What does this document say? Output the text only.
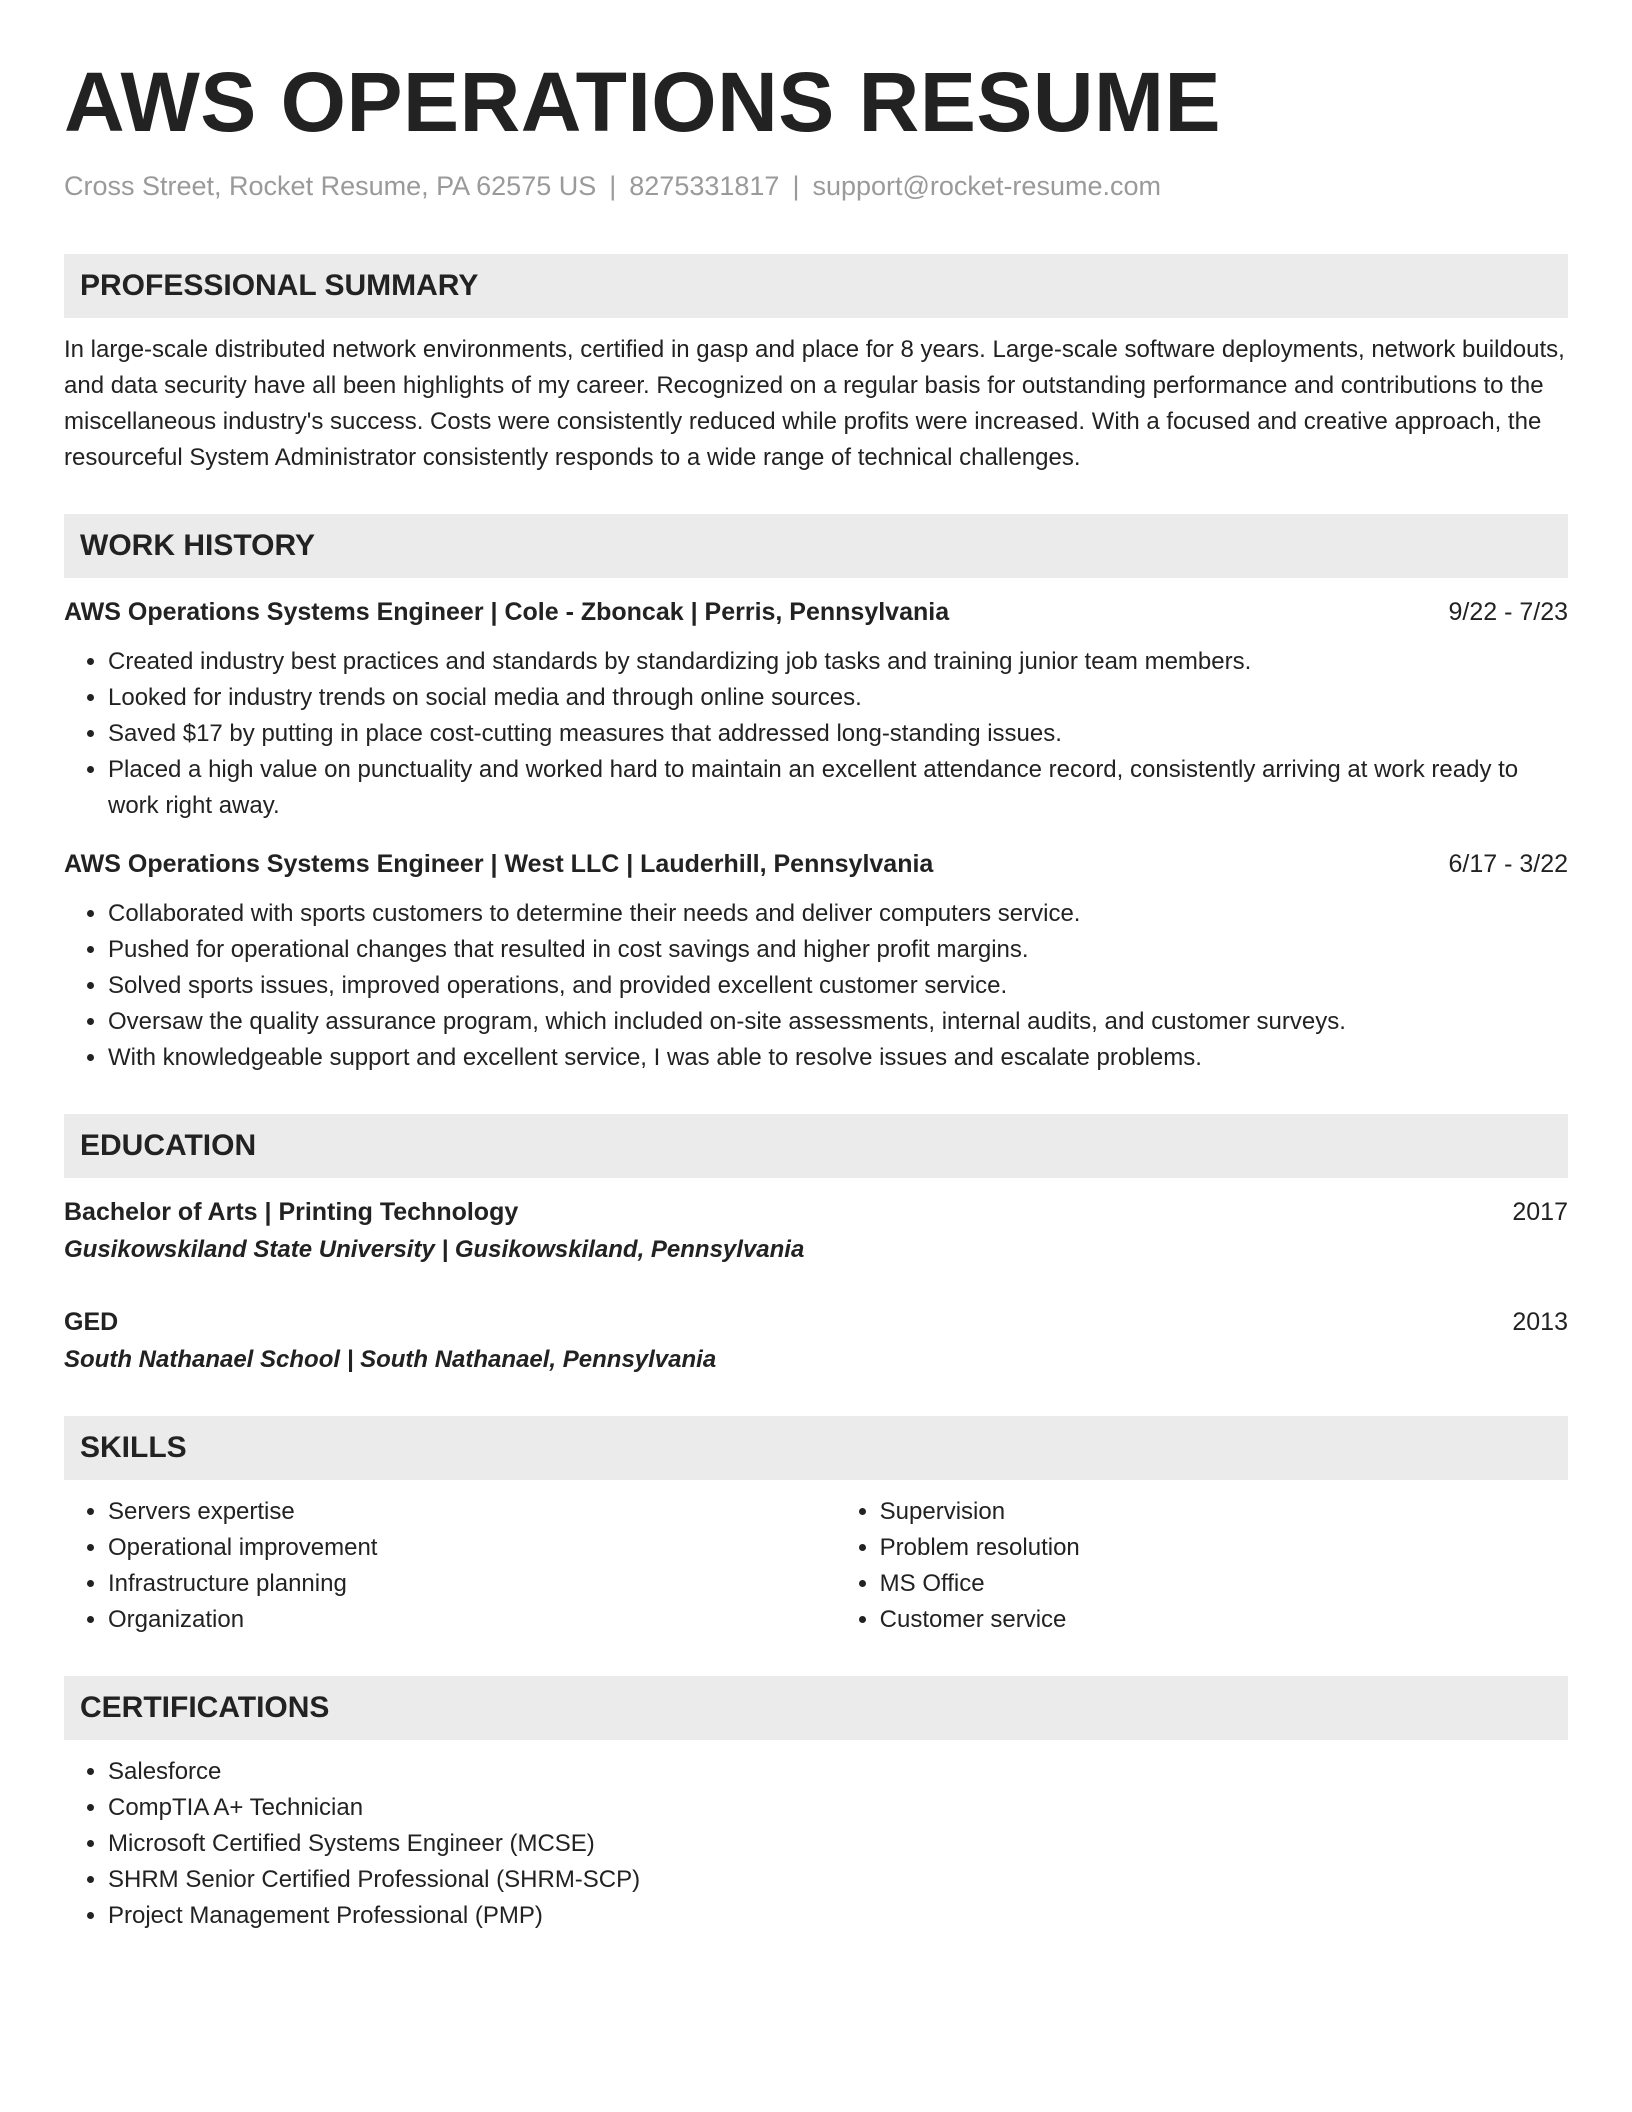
AWS OPERATIONS RESUME
Cross Street, Rocket Resume, PA 62575 US | 8275331817 | support@rocket-resume.com
PROFESSIONAL SUMMARY
In large-scale distributed network environments, certified in gasp and place for 8 years. Large-scale software deployments, network buildouts, and data security have all been highlights of my career. Recognized on a regular basis for outstanding performance and contributions to the miscellaneous industry's success. Costs were consistently reduced while profits were increased. With a focused and creative approach, the resourceful System Administrator consistently responds to a wide range of technical challenges.
WORK HISTORY
AWS Operations Systems Engineer | Cole - Zboncak | Perris, Pennsylvania	9/22 - 7/23
• Created industry best practices and standards by standardizing job tasks and training junior team members.
• Looked for industry trends on social media and through online sources.
• Saved $17 by putting in place cost-cutting measures that addressed long-standing issues.
• Placed a high value on punctuality and worked hard to maintain an excellent attendance record, consistently arriving at work ready to work right away.
AWS Operations Systems Engineer | West LLC | Lauderhill, Pennsylvania	6/17 - 3/22
• Collaborated with sports customers to determine their needs and deliver computers service.
• Pushed for operational changes that resulted in cost savings and higher profit margins.
• Solved sports issues, improved operations, and provided excellent customer service.
• Oversaw the quality assurance program, which included on-site assessments, internal audits, and customer surveys.
• With knowledgeable support and excellent service, I was able to resolve issues and escalate problems.
EDUCATION
Bachelor of Arts | Printing Technology	2017
Gusikowskiland State University | Gusikowskiland, Pennsylvania
GED	2013
South Nathanael School | South Nathanael, Pennsylvania
SKILLS
• Servers expertise
• Operational improvement
• Infrastructure planning
• Organization
• Supervision
• Problem resolution
• MS Office
• Customer service
CERTIFICATIONS
• Salesforce
• CompTIA A+ Technician
• Microsoft Certified Systems Engineer (MCSE)
• SHRM Senior Certified Professional (SHRM-SCP)
• Project Management Professional (PMP)
